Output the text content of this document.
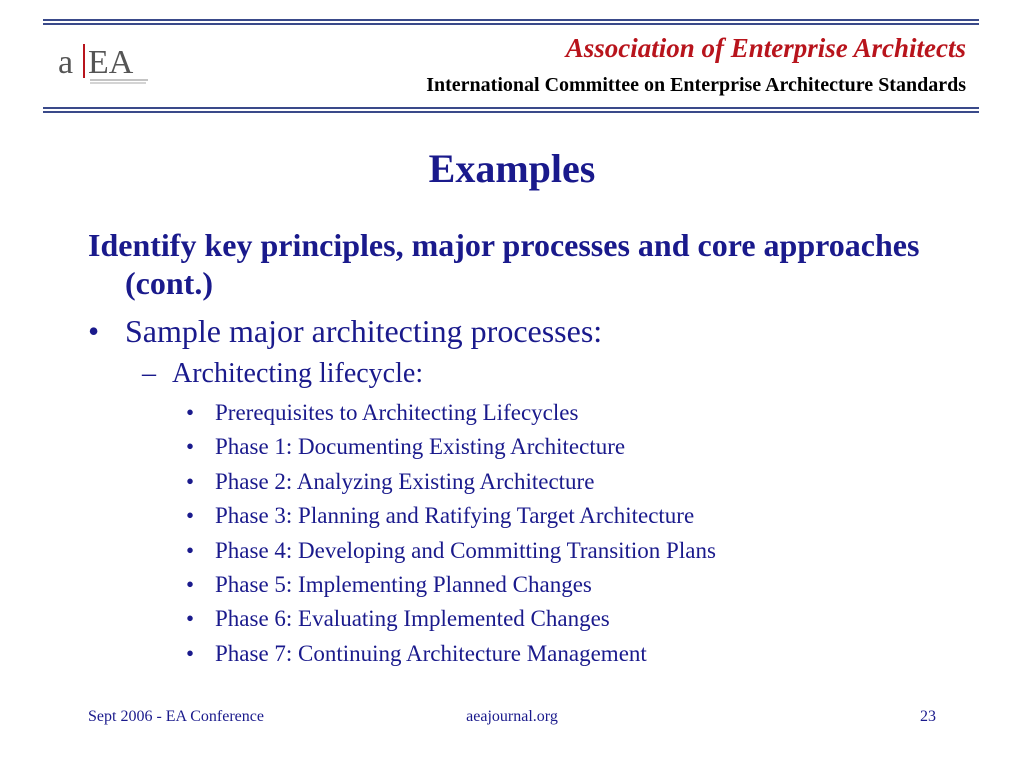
a EA	Association of Enterprise Architects
International Committee on Enterprise Architecture Standards
Examples
Identify key principles, major processes and core approaches (cont.)
• Sample major architecting processes:
– Architecting lifecycle:
• Prerequisites to Architecting Lifecycles
• Phase 1: Documenting Existing Architecture
• Phase 2: Analyzing Existing Architecture
• Phase 3: Planning and Ratifying Target Architecture
• Phase 4: Developing and Committing Transition Plans
• Phase 5: Implementing Planned Changes
• Phase 6: Evaluating Implemented Changes
• Phase 7: Continuing Architecture Management
Sept 2006 - EA Conference	aeajournal.org	23
